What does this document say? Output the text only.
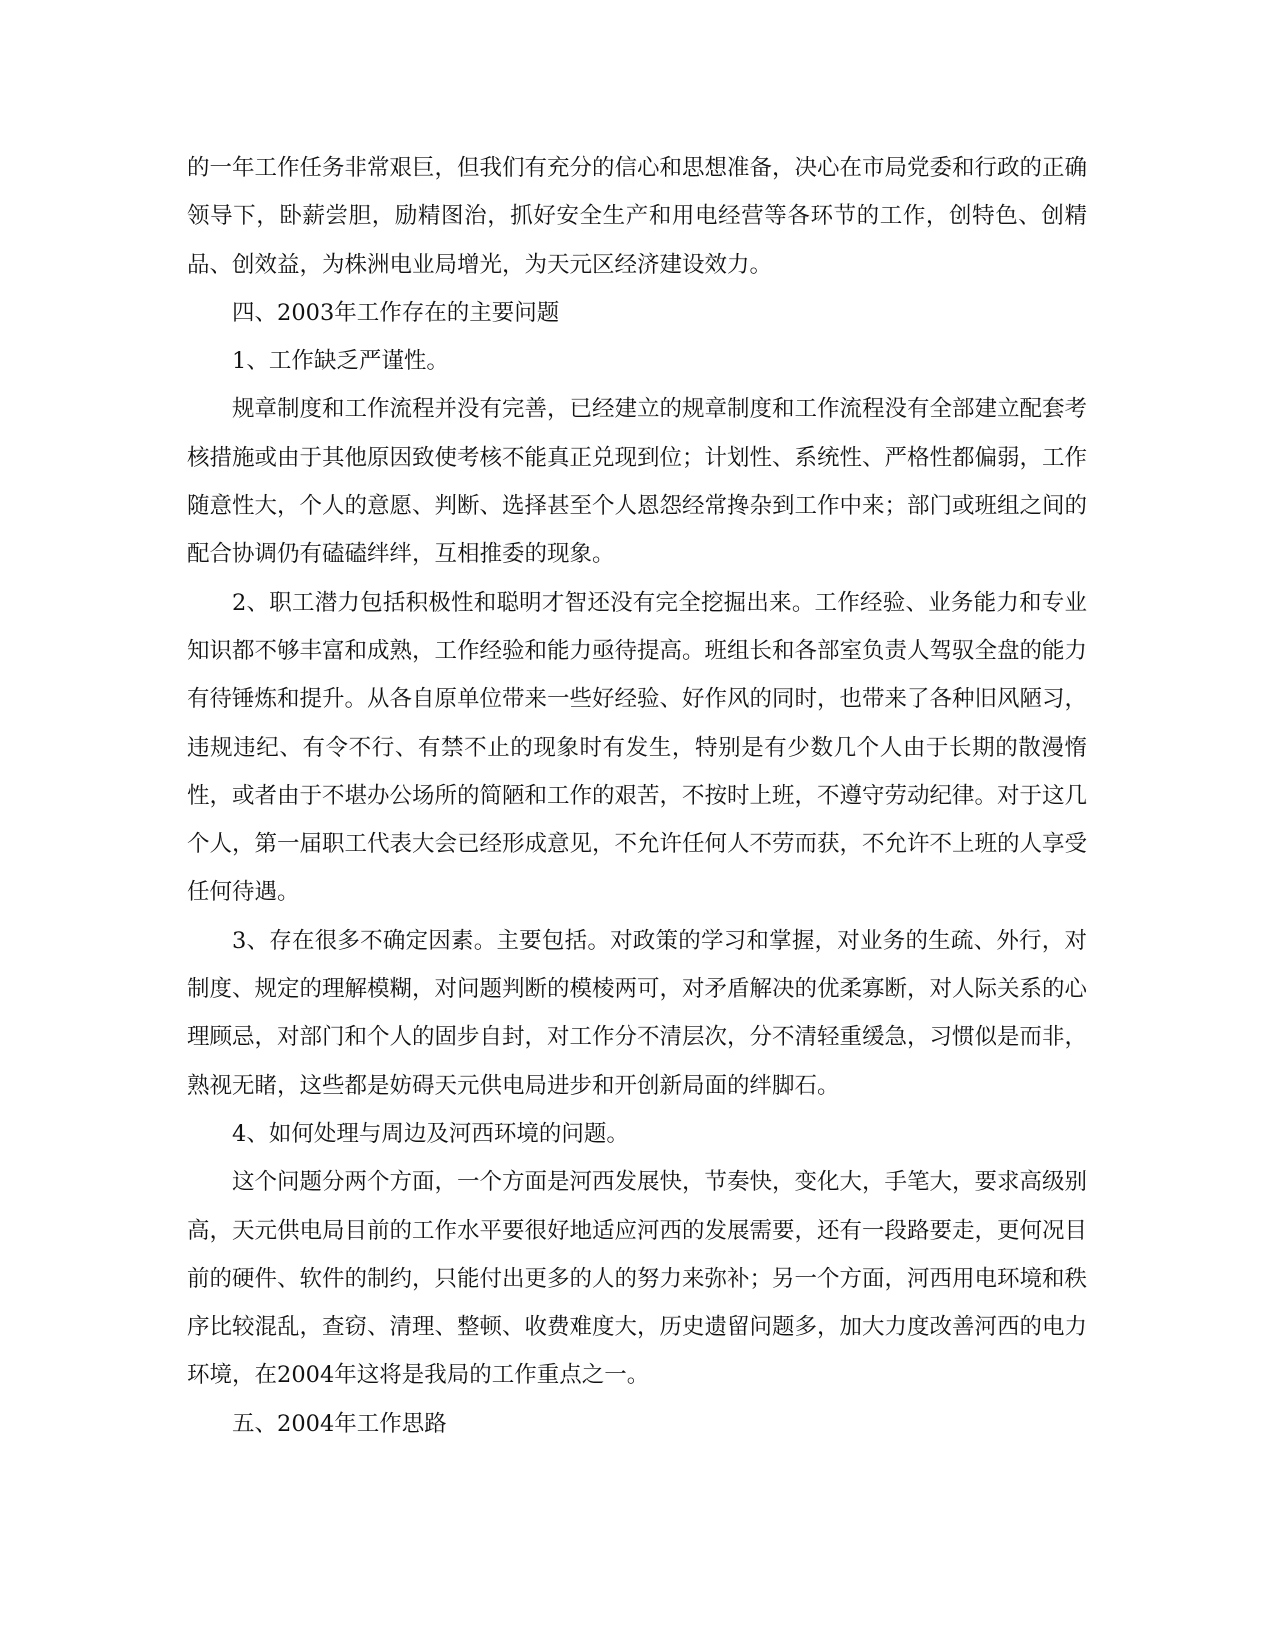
的一年工作任务非常艰巨，但我们有充分的信心和思想准备，决心在市局党委和行政的正确领导下，卧薪尝胆，励精图治，抓好安全生产和用电经营等各环节的工作，创特色、创精品、创效益，为株洲电业局增光，为天元区经济建设效力。

四、2003年工作存在的主要问题

1、工作缺乏严谨性。

规章制度和工作流程并没有完善，已经建立的规章制度和工作流程没有全部建立配套考核措施或由于其他原因致使考核不能真正兑现到位；计划性、系统性、严格性都偏弱，工作随意性大，个人的意愿、判断、选择甚至个人恩怨经常搀杂到工作中来；部门或班组之间的配合协调仍有磕磕绊绊，互相推委的现象。

2、职工潜力包括积极性和聪明才智还没有完全挖掘出来。工作经验、业务能力和专业知识都不够丰富和成熟，工作经验和能力亟待提高。班组长和各部室负责人驾驭全盘的能力有待锤炼和提升。从各自原单位带来一些好经验、好作风的同时，也带来了各种旧风陋习，违规违纪、有令不行、有禁不止的现象时有发生，特别是有少数几个人由于长期的散漫惰性，或者由于不堪办公场所的简陋和工作的艰苦，不按时上班，不遵守劳动纪律。对于这几个人，第一届职工代表大会已经形成意见，不允许任何人不劳而获，不允许不上班的人享受任何待遇。

3、存在很多不确定因素。主要包括。对政策的学习和掌握，对业务的生疏、外行，对制度、规定的理解模糊，对问题判断的模棱两可，对矛盾解决的优柔寡断，对人际关系的心理顾忌，对部门和个人的固步自封，对工作分不清层次，分不清轻重缓急，习惯似是而非，熟视无睹，这些都是妨碍天元供电局进步和开创新局面的绊脚石。

4、如何处理与周边及河西环境的问题。

这个问题分两个方面，一个方面是河西发展快，节奏快，变化大，手笔大，要求高级别高，天元供电局目前的工作水平要很好地适应河西的发展需要，还有一段路要走，更何况目前的硬件、软件的制约，只能付出更多的人的努力来弥补；另一个方面，河西用电环境和秩序比较混乱，查窃、清理、整顿、收费难度大，历史遗留问题多，加大力度改善河西的电力环境，在2004年这将是我局的工作重点之一。

五、2004年工作思路
